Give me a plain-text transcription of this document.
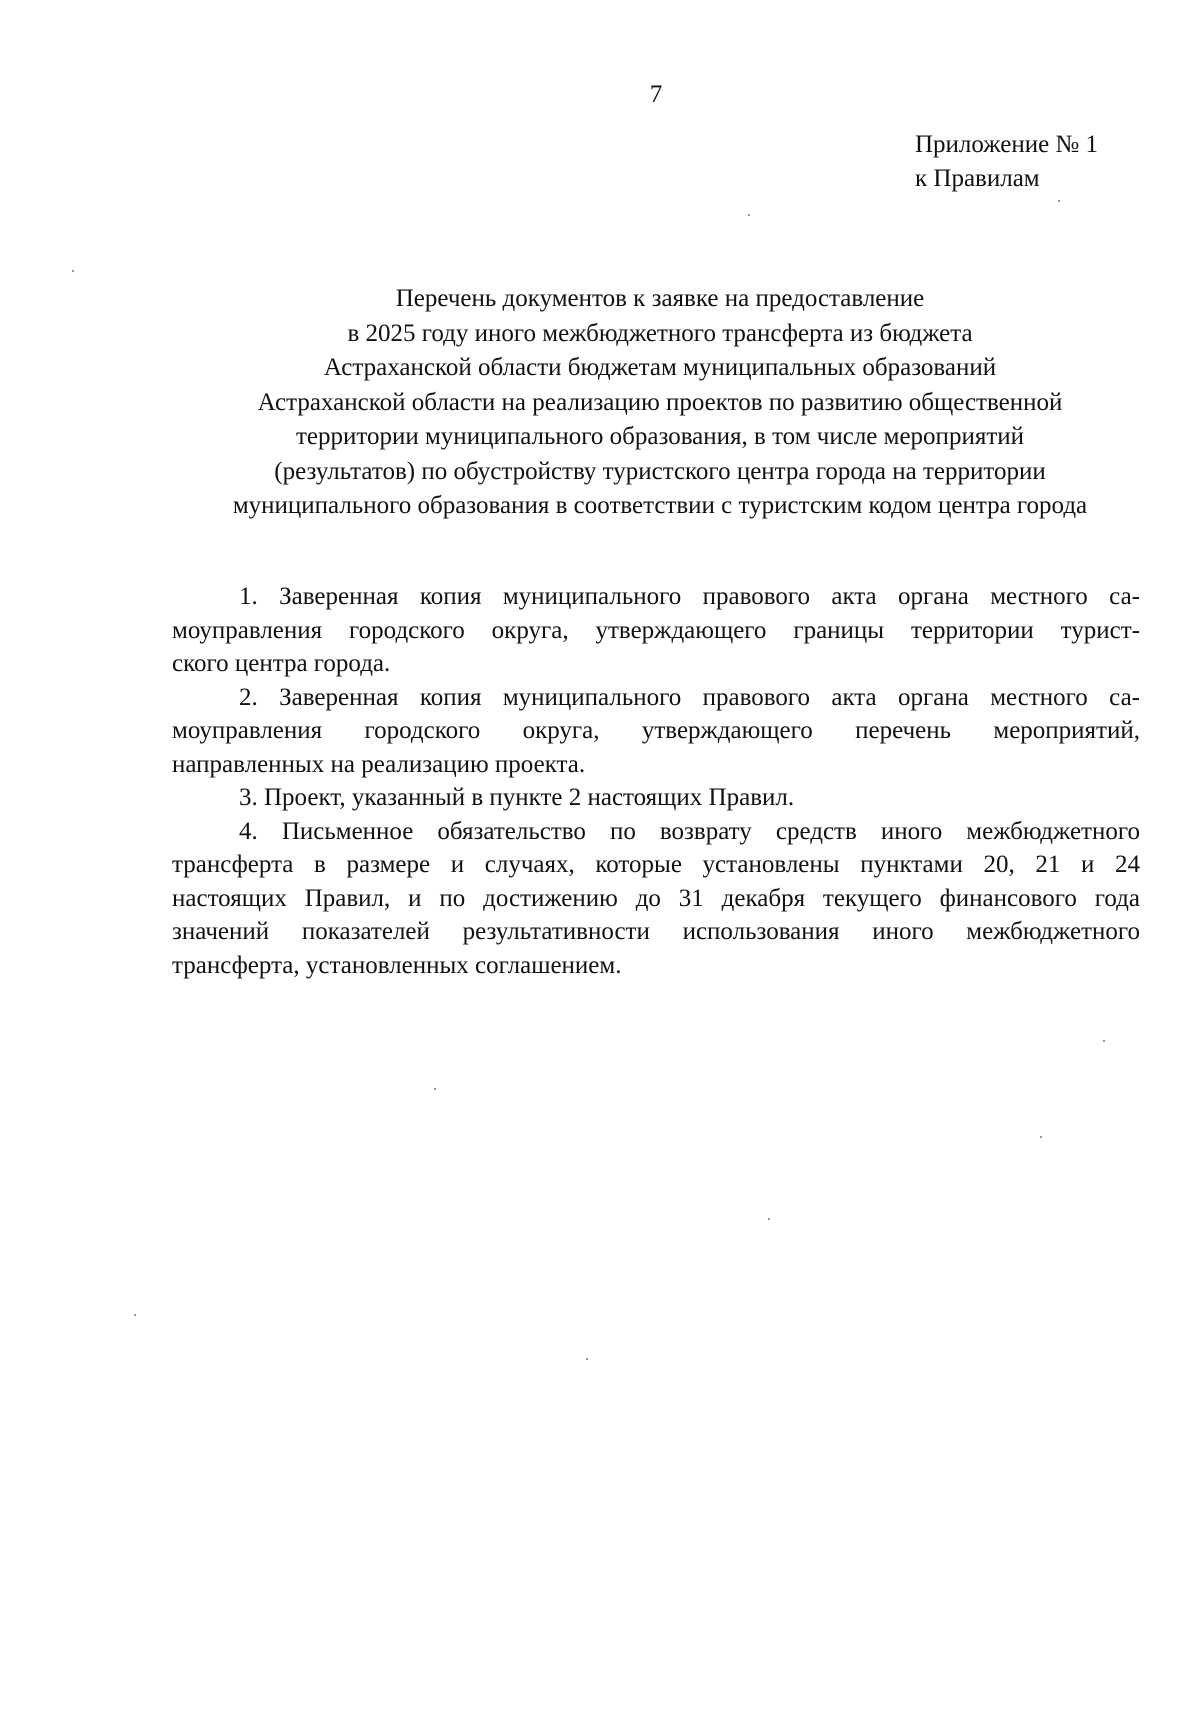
7
Приложение № 1
к Правилам
Перечень документов к заявке на предоставление
в 2025 году иного межбюджетного трансферта из бюджета
Астраханской области бюджетам муниципальных образований
Астраханской области на реализацию проектов по развитию общественной
территории муниципального образования, в том числе мероприятий
(результатов) по обустройству туристского центра города на территории
муниципального образования в соответствии с туристским кодом центра города

1. Заверенная копия муниципального правового акта органа местного са-
моуправления городского округа, утверждающего границы территории турист-
ского центра города.

2. Заверенная копия муниципального правового акта органа местного са-
моуправления городского округа, утверждающего перечень мероприятий,
направленных на реализацию проекта.

3. Проект, указанный в пункте 2 настоящих Правил.

4. Письменное обязательство по возврату средств иного межбюджетного
трансферта в размере и случаях, которые установлены пунктами 20, 21 и 24
настоящих Правил, и по достижению до 31 декабря текущего финансового года
значений показателей результативности использования иного межбюджетного
трансферта, установленных соглашением.
